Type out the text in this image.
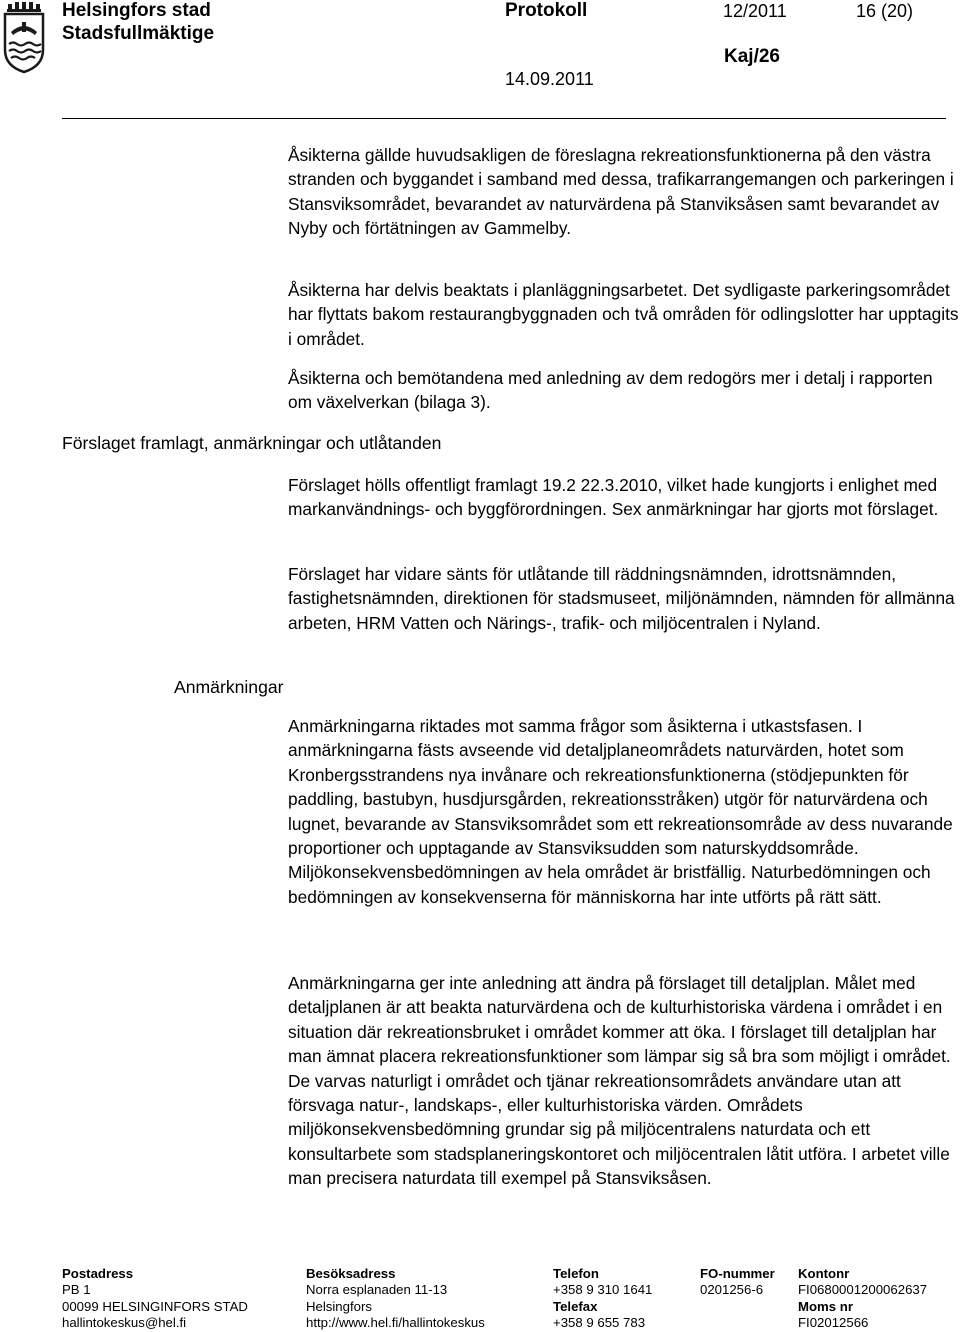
Helsingfors stad
Stadsfullmäktige
Protokoll	12/2011	16 (20)
Kaj/26
14.09.2011

Åsikterna gällde huvudsakligen de föreslagna rekreationsfunktionerna på den västra stranden och byggandet i samband med dessa, trafikarrangemangen och parkeringen i Stansviksområdet, bevarandet av naturvärdena på Stanviksåsen samt bevarandet av Nyby och förtätningen av Gammelby.

Åsikterna har delvis beaktats i planläggningsarbetet. Det sydligaste parkeringsområdet har flyttats bakom restaurangbyggnaden och två områden för odlingslotter har upptagits i området.

Åsikterna och bemötandena med anledning av dem redogörs mer i detalj i rapporten om växelverkan (bilaga 3).

Förslaget framlagt, anmärkningar och utlåtanden

Förslaget hölls offentligt framlagt 19.2 22.3.2010, vilket hade kungjorts i enlighet med markanvändnings- och byggförordningen. Sex anmärkningar har gjorts mot förslaget.

Förslaget har vidare sänts för utlåtande till räddningsnämnden, idrottsnämnden, fastighetsnämnden, direktionen för stadsmuseet, miljönämnden, nämnden för allmänna arbeten, HRM Vatten och Närings-, trafik- och miljöcentralen i Nyland.

Anmärkningar

Anmärkningarna riktades mot samma frågor som åsikterna i utkastsfasen. I anmärkningarna fästs avseende vid detaljplaneområdets naturvärden, hotet som Kronbergsstrandens nya invånare och rekreationsfunktionerna (stödjepunkten för paddling, bastubyn, husdjursgården, rekreationsstråken) utgör för naturvärdena och lugnet, bevarande av Stansviksområdet som ett rekreationsområde av dess nuvarande proportioner och upptagande av Stansviksudden som naturskyddsområde. Miljökonsekvensbedömningen av hela området är bristfällig. Naturbedömningen och bedömningen av konsekvenserna för människorna har inte utförts på rätt sätt.

Anmärkningarna ger inte anledning att ändra på förslaget till detaljplan. Målet med detaljplanen är att beakta naturvärdena och de kulturhistoriska värdena i området i en situation där rekreationsbruket i området kommer att öka. I förslaget till detaljplan har man ämnat placera rekreationsfunktioner som lämpar sig så bra som möjligt i området. De varvas naturligt i området och tjänar rekreationsområdets användare utan att försvaga natur-, landskaps-, eller kulturhistoriska värden. Områdets miljökonsekvensbedömning grundar sig på miljöcentralens naturdata och ett konsultarbete som stadsplaneringskontoret och miljöcentralen låtit utföra. I arbetet ville man precisera naturdata till exempel på Stansviksåsen.

Postadress
PB 1
00099 HELSINGINFORS STAD
hallintokeskus@hel.fi
Besöksadress
Norra esplanaden 11-13
Helsingfors
http://www.hel.fi/hallintokeskus
Telefon
+358 9 310 1641
Telefax
+358 9 655 783
FO-nummer
0201256-6
Kontonr
FI0680001200062637
Moms nr
FI02012566
